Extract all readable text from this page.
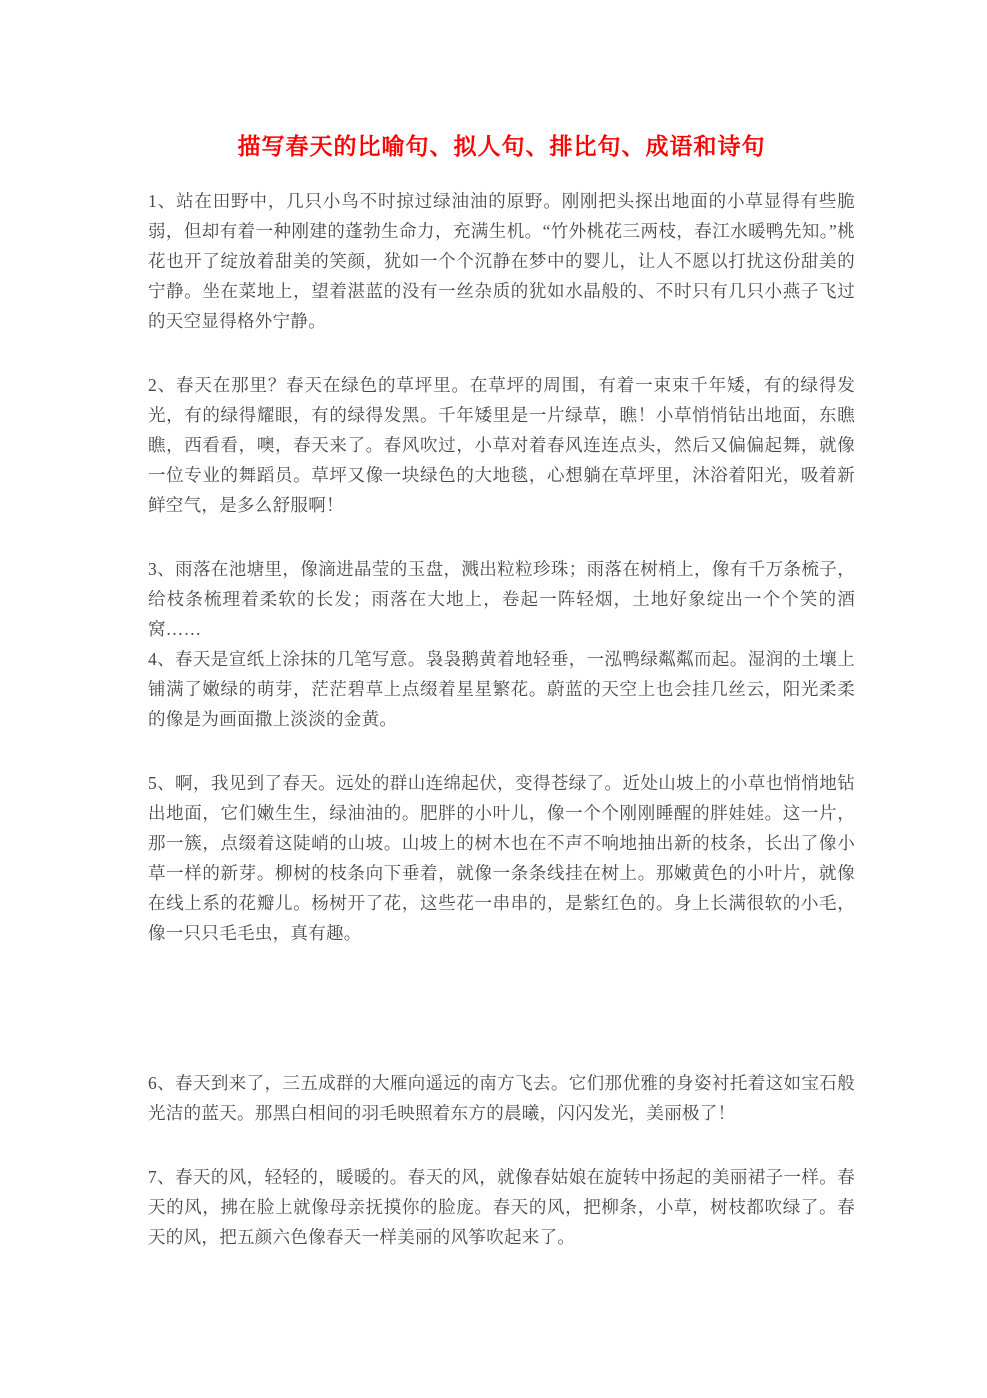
描写春天的比喻句、拟人句、排比句、成语和诗句

1、站在田野中，几只小鸟不时掠过绿油油的原野。刚刚把头探出地面的小草显得有些脆弱，但却有着一种刚建的蓬勃生命力，充满生机。“竹外桃花三两枝，春江水暖鸭先知。”桃花也开了绽放着甜美的笑颜，犹如一个个沉静在梦中的婴儿，让人不愿以打扰这份甜美的宁静。坐在菜地上，望着湛蓝的没有一丝杂质的犹如水晶般的、不时只有几只小燕子飞过的天空显得格外宁静。

2、春天在那里？春天在绿色的草坪里。在草坪的周围，有着一束束千年矮，有的绿得发光，有的绿得耀眼，有的绿得发黑。千年矮里是一片绿草，瞧！小草悄悄钻出地面，东瞧瞧，西看看，噢，春天来了。春风吹过，小草对着春风连连点头，然后又偏偏起舞，就像一位专业的舞蹈员。草坪又像一块绿色的大地毯，心想躺在草坪里，沐浴着阳光，吸着新鲜空气，是多么舒服啊！

3、雨落在池塘里，像滴进晶莹的玉盘，溅出粒粒珍珠；雨落在树梢上，像有千万条梳子，给枝条梳理着柔软的长发；雨落在大地上，卷起一阵轻烟，土地好象绽出一个个笑的酒窝……

4、春天是宣纸上涂抹的几笔写意。袅袅鹅黄着地轻垂，一泓鸭绿粼粼而起。湿润的土壤上铺满了嫩绿的萌芽，茫茫碧草上点缀着星星繁花。蔚蓝的天空上也会挂几丝云，阳光柔柔的像是为画面撒上淡淡的金黄。

5、啊，我见到了春天。远处的群山连绵起伏，变得苍绿了。近处山坡上的小草也悄悄地钻出地面，它们嫩生生，绿油油的。肥胖的小叶儿，像一个个刚刚睡醒的胖娃娃。这一片，那一簇，点缀着这陡峭的山坡。山坡上的树木也在不声不响地抽出新的枝条，长出了像小草一样的新芽。柳树的枝条向下垂着，就像一条条线挂在树上。那嫩黄色的小叶片，就像在线上系的花瓣儿。杨树开了花，这些花一串串的，是紫红色的。身上长满很软的小毛，像一只只毛毛虫，真有趣。

6、春天到来了，三五成群的大雁向遥远的南方飞去。它们那优雅的身姿衬托着这如宝石般光洁的蓝天。那黑白相间的羽毛映照着东方的晨曦，闪闪发光，美丽极了！

7、春天的风，轻轻的，暖暖的。春天的风，就像春姑娘在旋转中扬起的美丽裙子一样。春天的风，拂在脸上就像母亲抚摸你的脸庞。春天的风，把柳条，小草，树枝都吹绿了。春天的风，把五颜六色像春天一样美丽的风筝吹起来了。
